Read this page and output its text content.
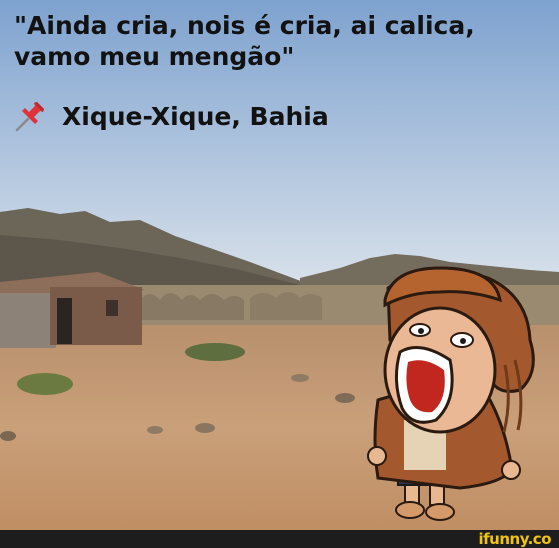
"Ainda cria, nois é cria, ai calica,
vamo meu mengão"
Xique-Xique, Bahia
ifunny.co
